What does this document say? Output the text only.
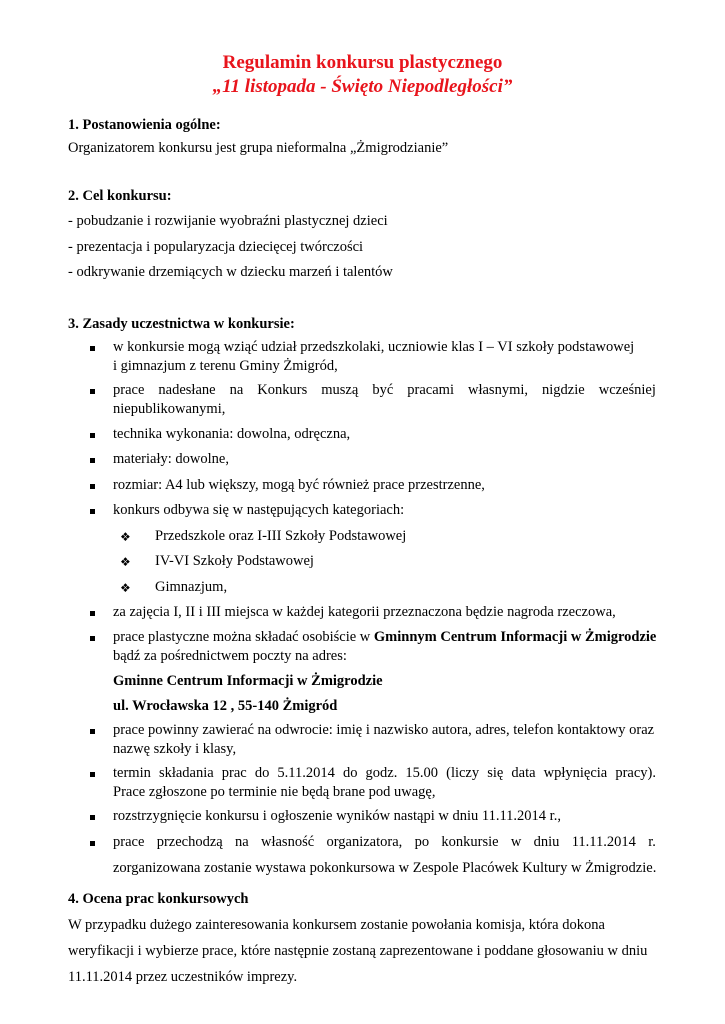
Regulamin konkursu plastycznego
„11 listopada - Święto Niepodległości”
1. Postanowienia ogólne:
Organizatorem konkursu jest grupa nieformalna „Żmigrodzianie”
2. Cel konkursu:
- pobudzanie i rozwijanie wyobraźni plastycznej dzieci
- prezentacja i popularyzacja dziecięcej twórczości
- odkrywanie drzemiących w dziecku marzeń i talentów
3. Zasady uczestnictwa w konkursie:
w konkursie mogą wziąć udział przedszkolaki, uczniowie klas I – VI szkoły podstawowej
i gimnazjum z terenu Gminy Żmigród,
prace nadesłane na Konkurs muszą być pracami własnymi, nigdzie wcześniej
niepublikowanymi,
technika wykonania: dowolna, odręczna,
materiały: dowolne,
rozmiar: A4 lub większy, mogą być również prace przestrzenne,
konkurs odbywa się w następujących kategoriach:
❖ Przedszkole oraz I-III Szkoły Podstawowej
❖ IV-VI Szkoły Podstawowej
❖ Gimnazjum,
za zajęcia I, II i III miejsca w każdej kategorii przeznaczona będzie nagroda rzeczowa,
prace plastyczne można składać osobiście w Gminnym Centrum Informacji w Żmigrodzie
bądź za pośrednictwem poczty na adres:
Gminne Centrum Informacji w Żmigrodzie
ul. Wrocławska 12 , 55-140 Żmigród
prace powinny zawierać na odwrocie: imię i nazwisko autora, adres, telefon kontaktowy oraz
nazwę szkoły i klasy,
termin składania prac do 5.11.2014 do godz. 15.00 (liczy się data wpłynięcia pracy).
Prace zgłoszone po terminie nie będą brane pod uwagę,
rozstrzygnięcie konkursu i ogłoszenie wyników nastąpi w dniu 11.11.2014 r.,
prace przechodzą na własność organizatora, po konkursie w dniu 11.11.2014 r.
zorganizowana zostanie wystawa pokonkursowa w Zespole Placówek Kultury w Żmigrodzie.
4. Ocena prac konkursowych
W przypadku dużego zainteresowania konkursem zostanie powołania komisja, która dokona
weryfikacji i wybierze prace, które następnie zostaną zaprezentowane i poddane głosowaniu w dniu
11.11.2014 przez uczestników imprezy.
